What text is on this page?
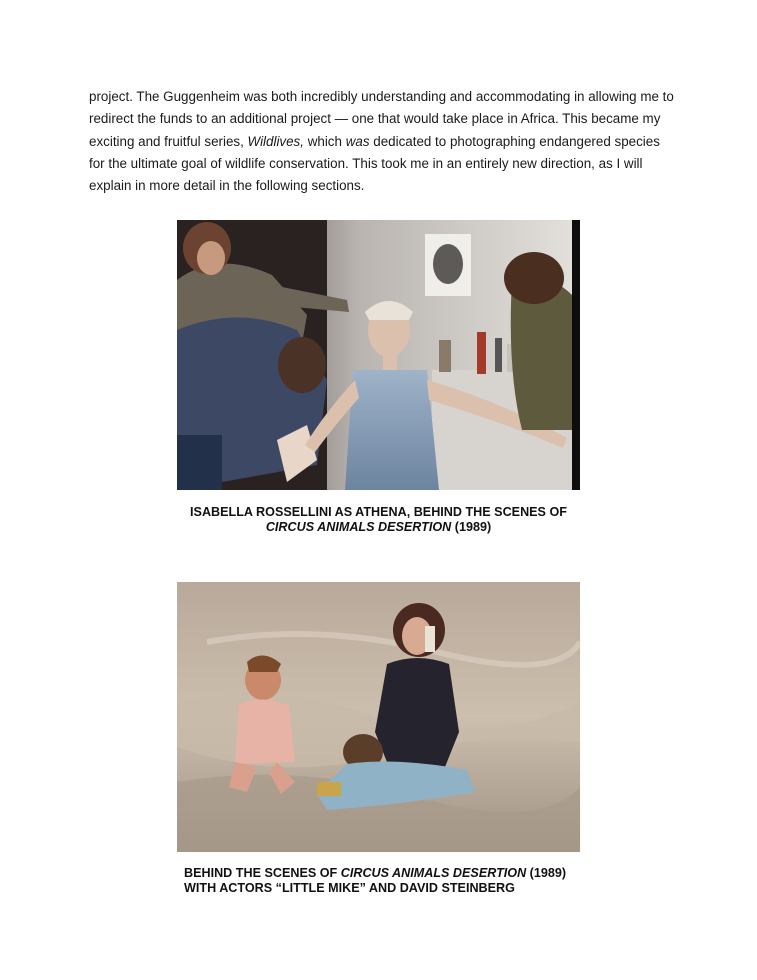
project. The Guggenheim was both incredibly understanding and accommodating in allowing me to redirect the funds to an additional project — one that would take place in Africa. This became my exciting and fruitful series, Wildlives, which was dedicated to photographing endangered species for the ultimate goal of wildlife conservation. This took me in an entirely new direction, as I will explain in more detail in the following sections.

ISABELLA ROSSELLINI AS ATHENA, BEHIND THE SCENES OF
CIRCUS ANIMALS DESERTION (1989)
BEHIND THE SCENES OF CIRCUS ANIMALS DESERTION (1989)
WITH ACTORS “LITTLE MIKE” AND DAVID STEINBERG
